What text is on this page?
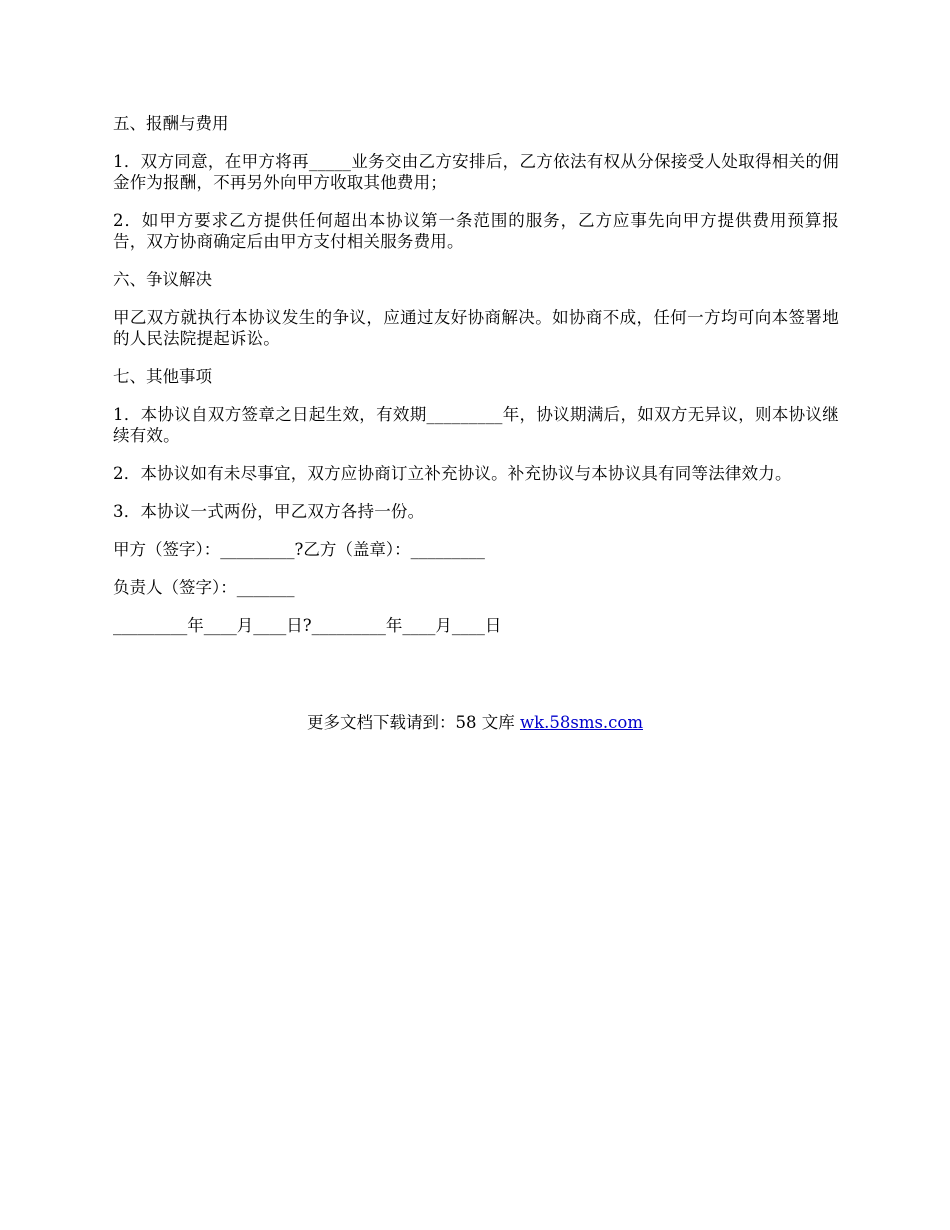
五、报酬与费用

1．双方同意，在甲方将再_____业务交由乙方安排后，乙方依法有权从分保接受人处取得相关的佣金作为报酬，不再另外向甲方收取其他费用；

2．如甲方要求乙方提供任何超出本协议第一条范围的服务，乙方应事先向甲方提供费用预算报告，双方协商确定后由甲方支付相关服务费用。

六、争议解决

甲乙双方就执行本协议发生的争议，应通过友好协商解决。如协商不成，任何一方均可向本签署地的人民法院提起诉讼。

七、其他事项

1．本协议自双方签章之日起生效，有效期_________年，协议期满后，如双方无异议，则本协议继续有效。

2．本协议如有未尽事宜，双方应协商订立补充协议。补充协议与本协议具有同等法律效力。

3．本协议一式两份，甲乙双方各持一份。

甲方（签字）：_________?乙方（盖章）：_________

负责人（签字）：_______

_________年____月____日?_________年____月____日

更多文档下载请到：58 文库 wk.58sms.com
